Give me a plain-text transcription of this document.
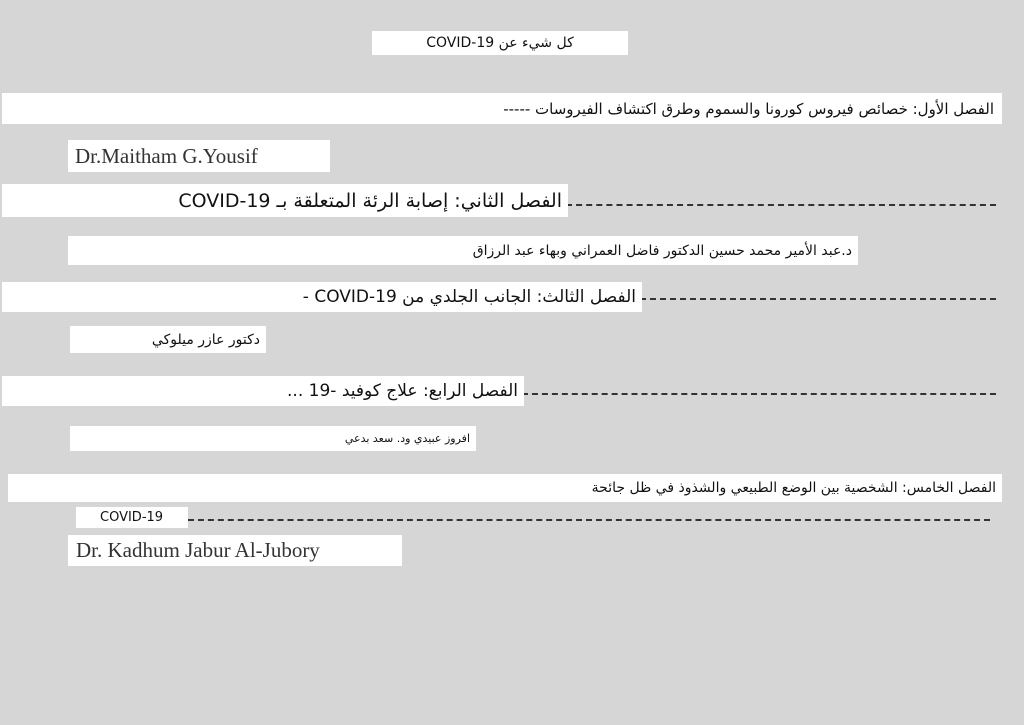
كل شيء عن COVID-19
الفصل الأول: خصائص فيروس كورونا والسموم وطرق اكتشاف الفيروسات -----
Dr.Maitham G.Yousif
الفصل الثاني: إصابة الرئة المتعلقة بـ COVID-19
د.عبد الأمير محمد حسين الدكتور فاضل العمراني وبهاء عبد الرزاق
الفصل الثالث: الجانب الجلدي من COVID-19 -
دكتور عازر ميلوكي
الفصل الرابع: علاج كوفيد -19 ...
افروز عبيدي ود. سعد بدعي
الفصل الخامس: الشخصية بين الوضع الطبيعي والشذوذ في ظل جائحة
COVID-19
Dr. Kadhum Jabur Al-Jubory
